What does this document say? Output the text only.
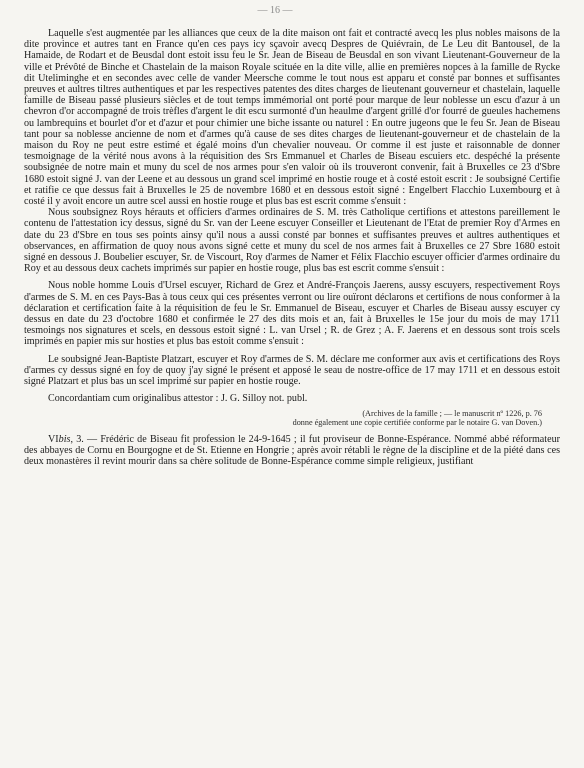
— 16 —

Laquelle s'est augmentée par les alliances que ceux de la dite maison ont fait et contracté avecq les plus nobles maisons de la dite province et autres tant en France qu'en ces pays icy sçavoir avecq Despres de Quiévrain, de Le Leu dit Bantousel, de la Hamaide, de Rodart et de Beusdal dont estoit issu feu le Sr. Jean de Biseau de Beusdal en son vivant Lieutenant-Gouverneur de la ville et Prévôté de Binche et Chastelain de la maison Royale scituée en la dite ville, allie en premières nopces à la famille de Rycke dit Uteliminghe et en secondes avec celle de vander Meersche comme le tout nous est apparu et consté par bonnes et suffisantes preuves et aultres tiltres authentiques et par les respectives patentes des dites charges de lieutenant gouverneur et chastelain, laquelle famille de Biseau passé plusieurs siècles et de tout temps immémorial ont porté pour marque de leur noblesse un escu d'azur à un chevron d'or accompagné de trois trèfles d'argent le dit escu surmonté d'un heaulme d'argent grillé d'or fourré de gueules hachemens ou lambrequins et bourlet d'or et d'azur et pour chimier une biche issante ou naturel : En outre jugeons que le feu Sr. Jean de Biseau tant pour sa noblesse ancienne de nom et d'armes qu'à cause de ses dites charges de lieutenant-gouverneur et de chastelain de la maison du Roy ne peut estre estimé et égalé moins d'un chevalier nouveau. Or comme il est juste et raisonnable de donner tesmoignage de la vérité nous avons à la réquisition des Srs Emmanuel et Charles de Biseau escuiers etc. despéché la présente soubsignée de notre main et muny du scel de nos armes pour s'en valoir où ils trouveront convenir, fait à Bruxelles ce 23 d'Sbre 1680 estoit signé J. van der Leene et au dessous un grand scel imprimé en hostie rouge et à costé estoit escrit : Je soubsigné Certifie et ratifie ce que dessus fait à Bruxelles le 25 de novembre 1680 et en dessous estoit signé : Engelbert Flacchio Luxembourg et à costé il y avoit encore un autre scel aussi en hostie rouge et plus bas est escrit comme s'ensuit :

Nous soubsignez Roys hérauts et officiers d'armes ordinaires de S. M. très Catholique certifions et attestons pareillement le contenu de l'attestation icy dessus, signé du Sr. van der Leene escuyer Conseiller et Lieutenant de l'Etat de premier Roy d'Armes en date du 23 d'Sbre en tous ses points ainsy qu'il nous a aussi consté par bonnes et suffisantes preuves et aultres authentiques et observances, en affirmation de quoy nous avons signé cette et muny du scel de nos armes fait à Bruxelles ce 27 Sbre 1680 estoit signé en dessous J. Boubelier escuyer, Sr. de Viscourt, Roy d'armes de Namer et Félix Flacchio escuyer officier d'armes ordinaire du Roy et au dessous deux cachets imprimés sur papier en hostie rouge, plus bas est escrit comme s'ensuit :

Nous noble homme Louis d'Ursel escuyer, Richard de Grez et André-François Jaerens, aussy escuyers, respectivement Roys d'armes de S. M. en ces Pays-Bas à tous ceux qui ces présentes verront ou lire ouïront déclarons et certifions de nous conformer à la déclaration et certification faite à la réquisition de feu le Sr. Emmanuel de Biseau, escuyer et Charles de Biseau aussy escuyer cy dessus en date du 23 d'octobre 1680 et confirmée le 27 des dits mois et an, fait à Bruxelles le 15e jour du mois de may 1711 tesmoings nos signatures et scels, en dessous estoit signé : L. van Ursel ; R. de Grez ; A. F. Jaerens et en dessous sont trois scels imprimés en papier mis sur hosties et plus bas estoit comme s'ensuit :

Le soubsigné Jean-Baptiste Platzart, escuyer et Roy d'armes de S. M. déclare me conformer aux avis et certifications des Roys d'armes cy dessus signé en foy de quoy j'ay signé le présent et apposé le seau de nostre-office de 17 may 1711 et en dessous estoit signé Platzart et plus bas un scel imprimé sur papier en hostie rouge.

Concordantiam cum originalibus attestor : J. G. Silloy not. publ.

(Archives de la famille ; — le manuscrit nº 1226, p. 76
donne également une copie certifiée conforme par le notaire G. van Doven.)

VIbis, 3. — Frédéric de Biseau fit profession le 24-9-1645 ; il fut proviseur de Bonne-Espérance. Nommé abbé réformateur des abbayes de Cornu en Bourgogne et de St. Etienne en Hongrie ; après avoir rétabli le règne de la discipline et de la piété dans ces deux monastères il revint mourir dans sa chère solitude de Bonne-Espérance comme simple religieux, justifiant
